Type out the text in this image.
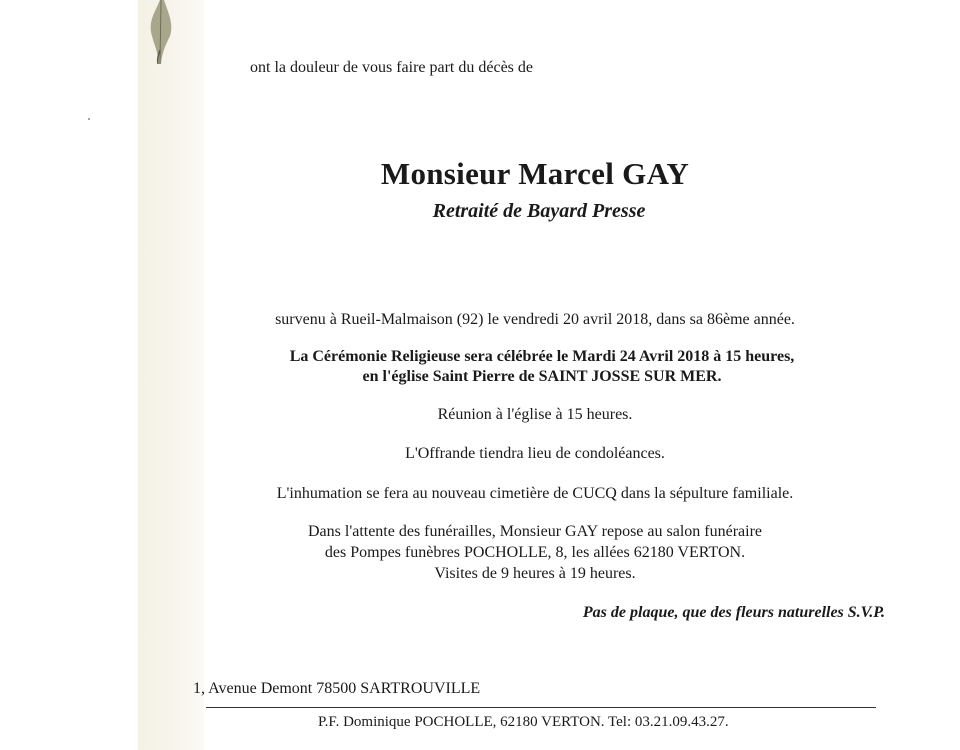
ont la douleur de vous faire part du décès de
Monsieur Marcel GAY
Retraité de Bayard Presse
survenu à Rueil-Malmaison (92) le vendredi 20 avril 2018, dans sa 86ème année.
La Cérémonie Religieuse sera célébrée le Mardi 24 Avril 2018 à 15 heures,
en l'église Saint Pierre de SAINT JOSSE SUR MER.
Réunion à l'église à 15 heures.
L'Offrande tiendra lieu de condoléances.
L'inhumation se fera au nouveau cimetière de CUCQ dans la sépulture familiale.
Dans l'attente des funérailles, Monsieur GAY repose au salon funéraire
des Pompes funèbres POCHOLLE, 8, les allées 62180 VERTON.
Visites de 9 heures à 19 heures.
Pas de plaque, que des fleurs naturelles S.V.P.
1, Avenue Demont 78500 SARTROUVILLE
P.F. Dominique POCHOLLE, 62180 VERTON. Tel: 03.21.09.43.27.
